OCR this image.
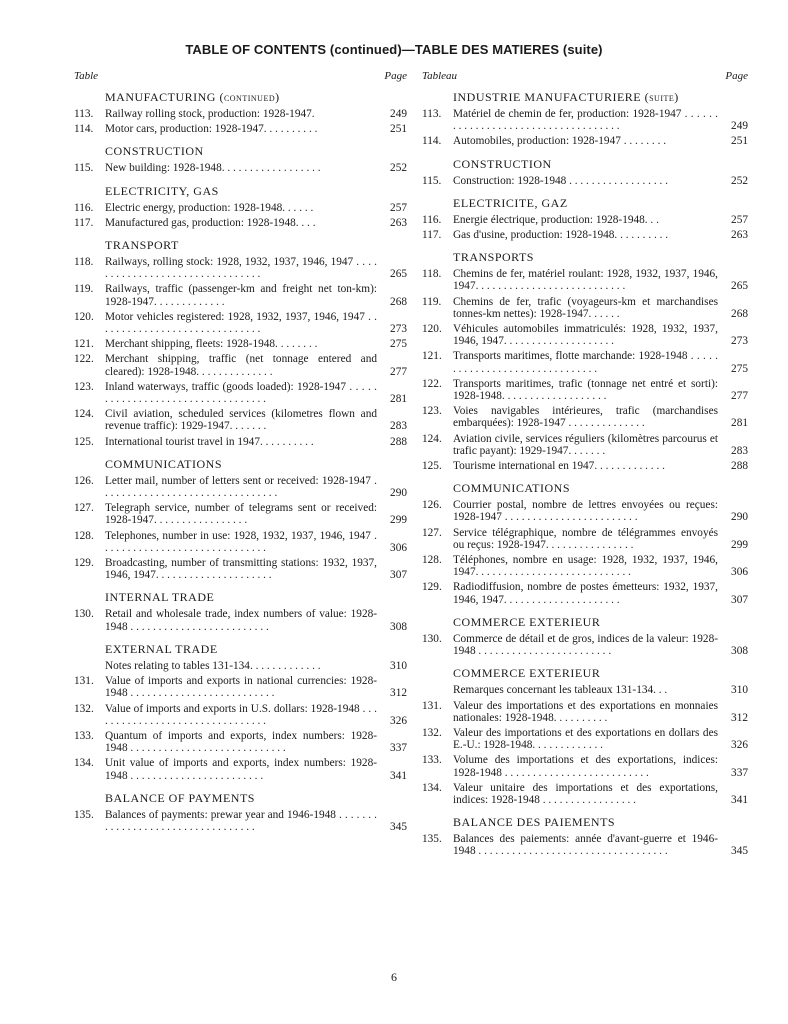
TABLE OF CONTENTS (continued)—TABLE DES MATIERES (suite)
Table	Page
MANUFACTURING (continued)
113.	Railway rolling stock, production: 1928-1947.	249
114.	Motor cars, production: 1928-1947. . . . . . . . . .	251
CONSTRUCTION
115.	New building: 1928-1948. . . . . . . . . . . . . . . . . .	252
ELECTRICITY, GAS
116.	Electric energy, production: 1928-1948. . . . . .	257
117.	Manufactured gas, production: 1928-1948. . . .	263
TRANSPORT
118.	Railways, rolling stock: 1928, 1932, 1937, 1946, 1947 . . . . . . . . . . . . . . . . . . . . . . . . . . . . . . . .	265
119.	Railways, traffic (passenger-km and freight net ton-km): 1928-1947. . . . . . . . . . . . .	268
120. Motor vehicles registered: 1928, 1932, 1937, 1946, 1947 . . . . . . . . . . . . . . . . . . . . . . . . . . . . . .	273
121. Merchant shipping, fleets: 1928-1948. . . . . . . .	275
122. Merchant shipping, traffic (net tonnage entered and cleared): 1928-1948. . . . . . . . . . . . . .	277
123. Inland waterways, traffic (goods loaded): 1928-1947 . . . . . . . . . . . . . . . . . . . . . . . . . . . . . . . . . .	281
124. Civil aviation, scheduled services (kilometres flown and revenue traffic): 1929-1947. . . . . . .	283
125. International tourist travel in 1947. . . . . . . . . .	288
COMMUNICATIONS
126. Letter mail, number of letters sent or received: 1928-1947 . . . . . . . . . . . . . . . . . . . . . . . . . . . . . . . .	290
127. Telegraph service, number of telegrams sent or received: 1928-1947. . . . . . . . . . . . . . . . .	299
128. Telephones, number in use: 1928, 1932, 1937, 1946, 1947 . . . . . . . . . . . . . . . . . . . . . . . . . . . . . .	306
129. Broadcasting, number of transmitting stations: 1932, 1937, 1946, 1947. . . . . . . . . . . . . . . . . . . . .	307
INTERNAL TRADE
130. Retail and wholesale trade, index numbers of value: 1928-1948 . . . . . . . . . . . . . . . . . . . . . . . . .	308
EXTERNAL TRADE
Notes relating to tables 131-134. . . . . . . . . . . . .	310
131. Value of imports and exports in national currencies: 1928-1948 . . . . . . . . . . . . . . . . . . . . . . . . . .	312
132. Value of imports and exports in U.S. dollars: 1928-1948 . . . . . . . . . . . . . . . . . . . . . . . . . . . . . . . .	326
133. Quantum of imports and exports, index numbers: 1928-1948 . . . . . . . . . . . . . . . . . . . . . . . . . . . .	337
134. Unit value of imports and exports, index numbers: 1928-1948 . . . . . . . . . . . . . . . . . . . . . . . .	341
BALANCE OF PAYMENTS
135. Balances of payments: prewar year and 1946-1948 . . . . . . . . . . . . . . . . . . . . . . . . . . . . . . . . . .	345
Tableau	Page
INDUSTRIE MANUFACTURIERE (suite)
113.	Matériel de chemin de fer, production: 1928-1947 . . . . . . . . . . . . . . . . . . . . . . . . . . . . . . . . . . . .	249
114.	Automobiles, production: 1928-1947 . . . . . . . .	251
CONSTRUCTION
115.	Construction: 1928-1948 . . . . . . . . . . . . . . . . . .	252
ELECTRICITE, GAZ
116.	Energie électrique, production: 1928-1948. . .	257
117.	Gas d'usine, production: 1928-1948. . . . . . . . . .	263
TRANSPORTS
118.	Chemins de fer, matériel roulant: 1928, 1932, 1937, 1946, 1947. . . . . . . . . . . . . . . . . . . . . . . . . . .	265
119.	Chemins de fer, trafic (voyageurs-km et marchandises tonnes-km nettes): 1928-1947. . . . . .	268
120. Véhicules automobiles immatriculés: 1928, 1932, 1937, 1946, 1947. . . . . . . . . . . . . . . . . . . .	273
121. Transports maritimes, flotte marchande: 1928-1948 . . . . . . . . . . . . . . . . . . . . . . . . . . . . . . .	275
122. Transports maritimes, trafic (tonnage net entré et sorti): 1928-1948. . . . . . . . . . . . . . . . . . .	277
123. Voies navigables intérieures, trafic (marchandises embarquées): 1928-1947 . . . . . . . . . . . . . .	281
124. Aviation civile, services réguliers (kilomètres parcourus et trafic payant): 1929-1947. . . . . . .	283
125. Tourisme international en 1947. . . . . . . . . . . . .	288
COMMUNICATIONS
126. Courrier postal, nombre de lettres envoyées ou reçues: 1928-1947 . . . . . . . . . . . . . . . . . . . . . . . .	290
127. Service télégraphique, nombre de télégrammes envoyés ou reçus: 1928-1947. . . . . . . . . . . . . . . .	299
128. Téléphones, nombre en usage: 1928, 1932, 1937, 1946, 1947. . . . . . . . . . . . . . . . . . . . . . . . . . . .	306
129. Radiodiffusion, nombre de postes émetteurs: 1932, 1937, 1946, 1947. . . . . . . . . . . . . . . . . . . . .	307
COMMERCE EXTERIEUR
130. Commerce de détail et de gros, indices de la valeur: 1928-1948 . . . . . . . . . . . . . . . . . . . . . . . .	308
COMMERCE EXTERIEUR
Remarques concernant les tableaux 131-134. . .	310
131. Valeur des importations et des exportations en monnaies nationales: 1928-1948. . . . . . . . . .	312
132. Valeur des importations et des exportations en dollars des E.-U.: 1928-1948. . . . . . . . . . . . .	326
133. Volume des importations et des exportations, indices: 1928-1948 . . . . . . . . . . . . . . . . . . . . . . . . . .	337
134. Valeur unitaire des importations et des exportations, indices: 1928-1948 . . . . . . . . . . . . . . . . .	341
BALANCE DES PAIEMENTS
135. Balances des paiements: année d'avant-guerre et 1946-1948 . . . . . . . . . . . . . . . . . . . . . . . . . . . . . . . . . .	345
6
